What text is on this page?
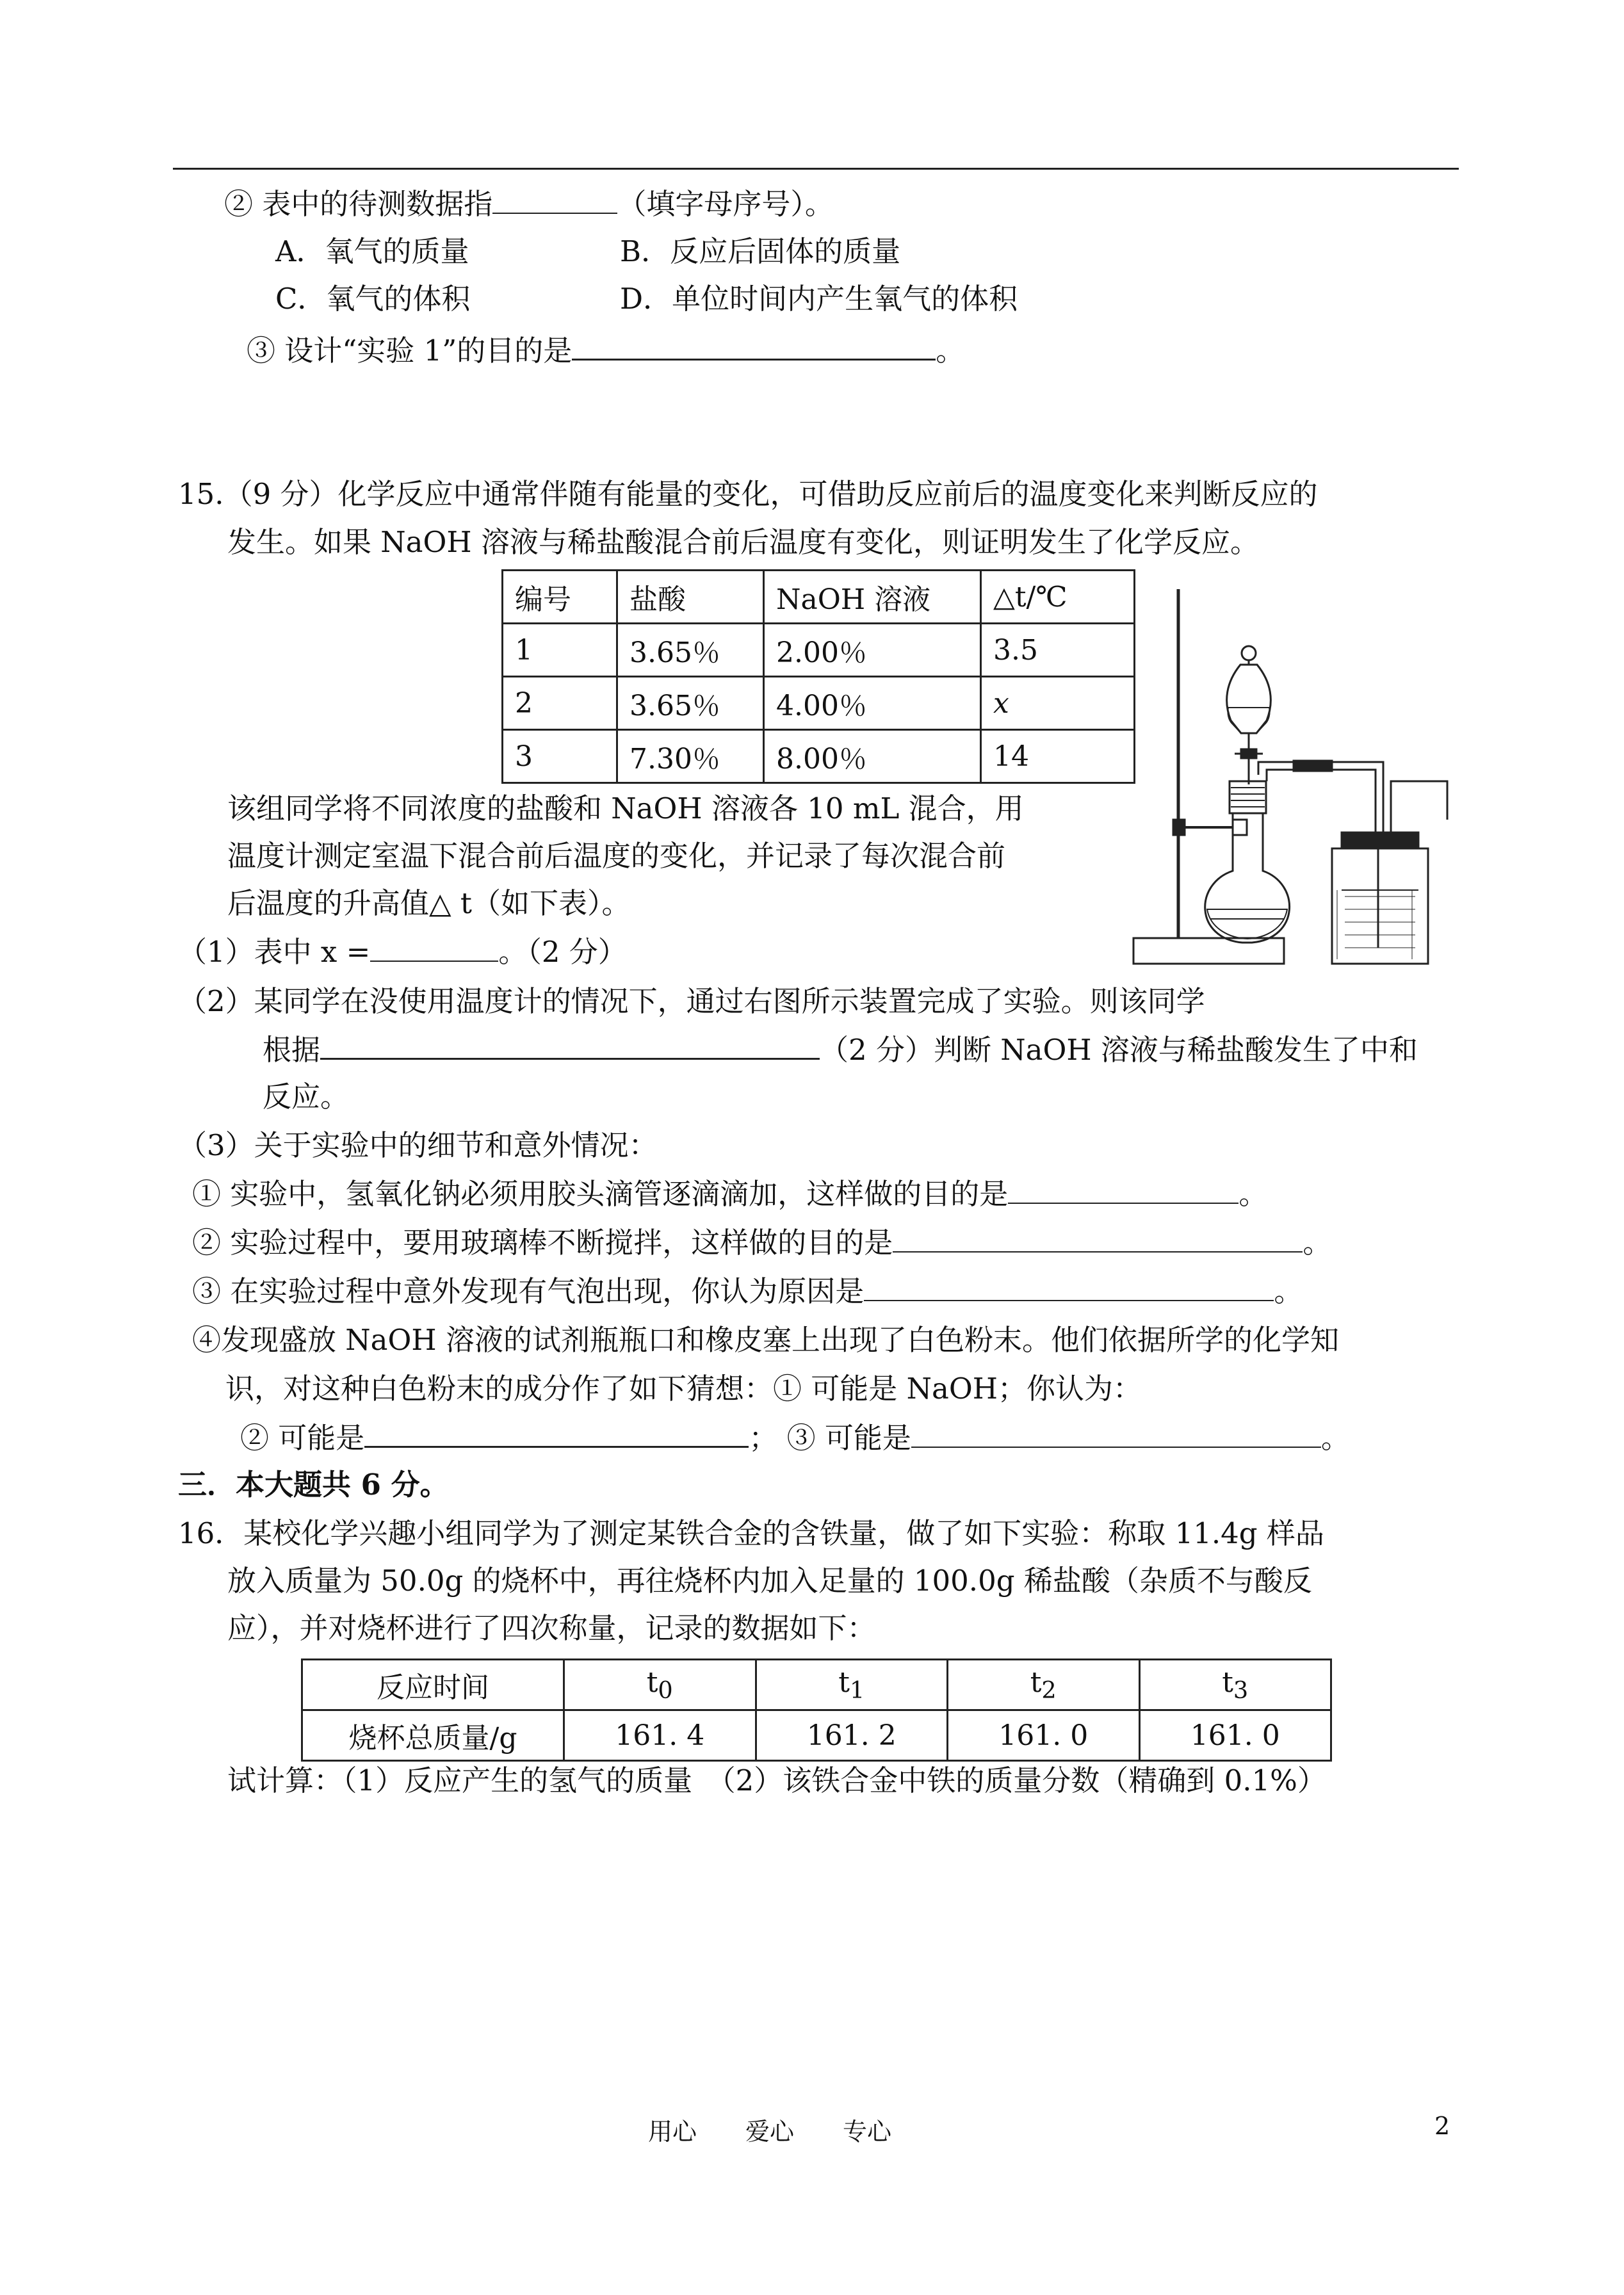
② 表中的待测数据指	（填字母序号）。
A．氧气的质量	B．反应后固体的质量
C．氧气的体积	D．单位时间内产生氧气的体积
③ 设计“实验 1”的目的是	。
15.（9 分）化学反应中通常伴随有能量的变化，可借助反应前后的温度变化来判断反应的
发生。如果 NaOH 溶液与稀盐酸混合前后温度有变化，则证明发生了化学反应。
编号	盐酸	NaOH 溶液	△t/℃
1	3.65％	2.00％	3.5
2	3.65％	4.00％	x
3	7.30％	8.00％	14
该组同学将不同浓度的盐酸和 NaOH 溶液各 10 mL 混合，用
温度计测定室温下混合前后温度的变化，并记录了每次混合前
后温度的升高值△ t（如下表）。
（1）表中 x =	。（2 分）
（2）某同学在没使用温度计的情况下，通过右图所示装置完成了实验。则该同学
根据	（2 分）判断 NaOH 溶液与稀盐酸发生了中和
反应。
（3）关于实验中的细节和意外情况：
① 实验中，氢氧化钠必须用胶头滴管逐滴滴加，这样做的目的是	。
② 实验过程中，要用玻璃棒不断搅拌，这样做的目的是	。
③ 在实验过程中意外发现有气泡出现，你认为原因是	。
④发现盛放 NaOH 溶液的试剂瓶瓶口和橡皮塞上出现了白色粉末。他们依据所学的化学知
识，对这种白色粉末的成分作了如下猜想：① 可能是 NaOH；你认为：
② 可能是	； ③ 可能是	。
三．本大题共 6 分。
16．某校化学兴趣小组同学为了测定某铁合金的含铁量，做了如下实验：称取 11.4g 样品
放入质量为 50.0g 的烧杯中，再往烧杯内加入足量的 100.0g 稀盐酸（杂质不与酸反
应），并对烧杯进行了四次称量，记录的数据如下：
反应时间	$t_0$	$t_1$	$t_2$	$t_3$
烧杯总质量/g	161. 4	161. 2	161. 0	161. 0
试计算：（1）反应产生的氢气的质量　（2）该铁合金中铁的质量分数（精确到 0.1%）
用心　　爱心　　专心	2
